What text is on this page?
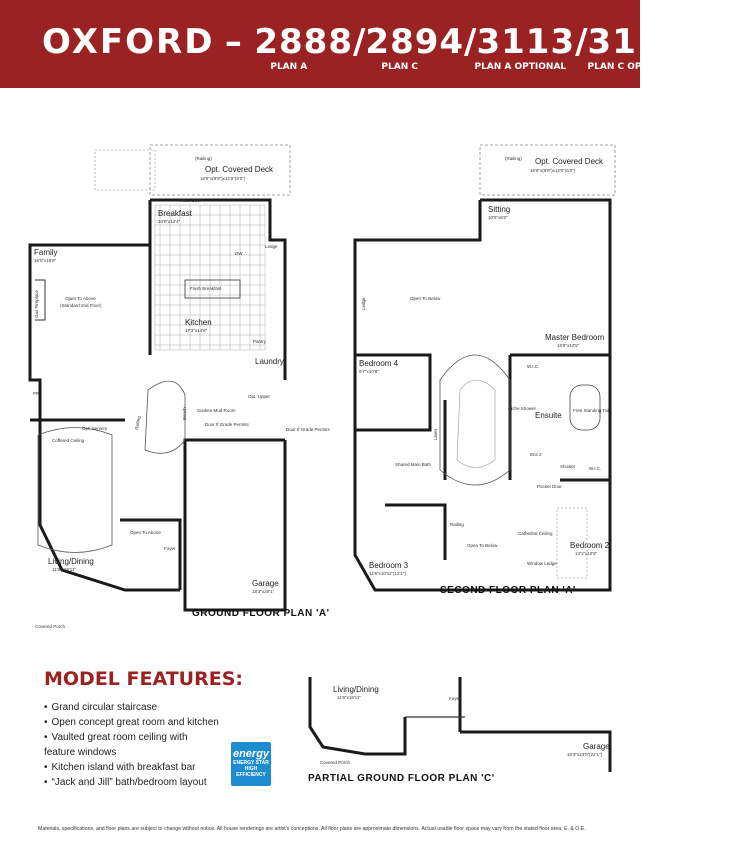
OXFORD – 2888
PLAN A
/2894
PLAN C
/3113
PLAN A OPTIONAL
/3119
PLAN C OPTIONAL
SQ.FT.
(Railing)
Opt. Covered Deck
16'6"x(9'8")x12'0"(6'0")
Patio Door
Breakfast
10'0"x12'4"
Family
16'0"x18'8"
Open To Above
(Standard 2nd Floor)
Gas Fireplace
Flush Breakfast
Kitchen
17'3"x14'6"
Pantry
DW
Ledge
Laundry
PR
Sunken Mud Room
Opt. Upper
Bench
Opt. Servery
Coffered Ceiling
Railing
Living/Dining
11'8"x19'11"
Open To Above
Foyer
Door If Grade Permits
Door If Grade Permits
Garage
18'3"x20'1"
Covered Porch
GROUND FLOOR PLAN 'A'
(Railing) Opt. Covered Deck
16'6"x(9'8")x12'0"(6'0")
Sitting
10'0"x6'0"
Open To Below
Ledge
Master Bedroom
16'8"x14'5"
Bedroom 4
9'7"x10'8"
W.I.C.
Niche Shower
Ensuite
Free Standing Tub
Linen
Shared Main Bath
Ens 2
Shower	W.I.C.
Pocket Door
Railing
Cathedral Ceiling
Open To Below
Bedroom 3
11'6"x10'11"(12'1")
Bedroom 2
13'1"x10'8"
Window Ledge
SECOND FLOOR PLAN 'A'
MODEL FEATURES:
• Grand circular staircase
• Open concept great room and kitchen
• Vaulted great room ceiling with feature windows
• Kitchen island with breakfast bar
• “Jack and Jill” bath/bedroom layout
energy
ENERGY STAR
HIGH EFFICIENCY
Living/Dining
11'8"x19'11"	Foyer
Covered Porch
Garage
18'3"x23'9"(22'1")
PARTIAL GROUND FLOOR PLAN 'C'
Materials, specifications, and floor plans are subject to change without notice. All house renderings are artist's conceptions. All floor plans are approximate dimensions. Actual usable floor space may vary from the stated floor area. E. & O.E.
